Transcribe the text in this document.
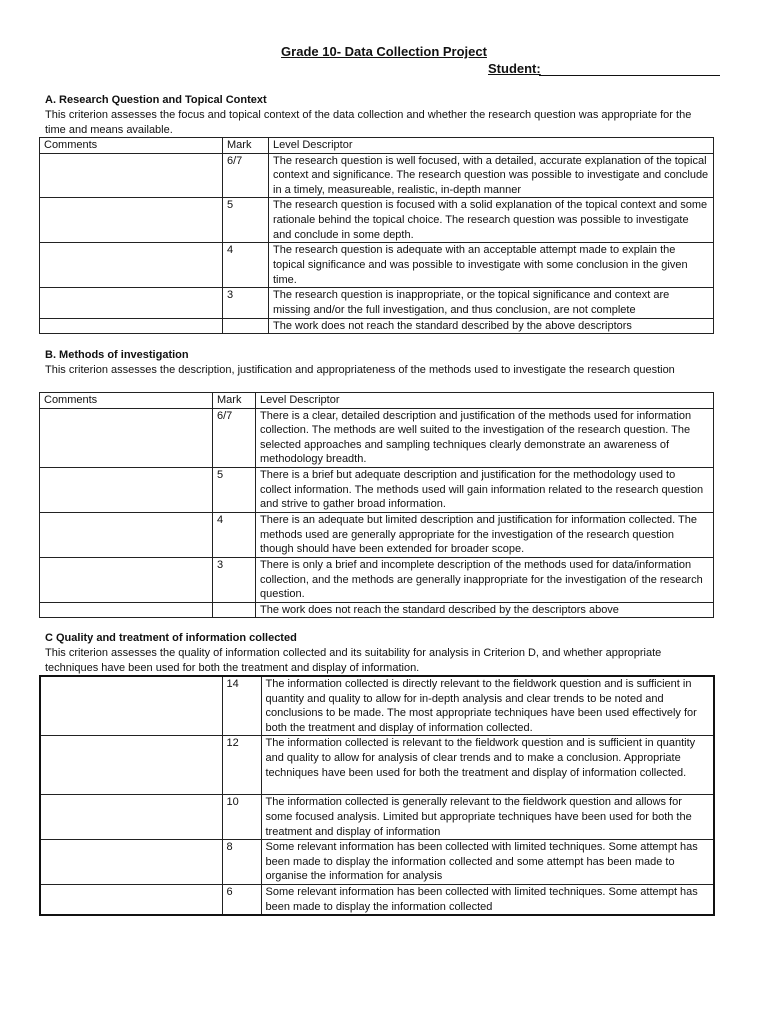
Grade 10- Data Collection Project
Student:
A. Research Question and Topical Context
This criterion assesses the focus and topical context of the data collection and whether the research question was appropriate for the time and means available.
Comments	Mark	Level Descriptor
	6/7	The research question is well focused, with a detailed, accurate explanation of the topical context and significance. The research question was possible to investigate and conclude in a timely, measureable, realistic, in-depth manner
	5	The research question is focused with a solid explanation of the topical context and some rationale behind the topical choice. The research question was possible to investigate and conclude in some depth.
	4	The research question is adequate with an acceptable attempt made to explain the topical significance and was possible to investigate with some conclusion in the given time.
	3	The research question is inappropriate, or the topical significance and context are missing and/or the full investigation, and thus conclusion, are not complete
		The work does not reach the standard described by the above descriptors
B. Methods of investigation
This criterion assesses the description, justification and appropriateness of the methods used to investigate the research question
Comments	Mark	Level Descriptor
	6/7	There is a clear, detailed description and justification of the methods used for information collection. The methods are well suited to the investigation of the research question. The selected approaches and sampling techniques clearly demonstrate an awareness of methodology breadth.
	5	There is a brief but adequate description and justification for the methodology used to collect information. The methods used will gain information related to the research question and strive to gather broad information.
	4	There is an adequate but limited description and justification for information collected. The methods used are generally appropriate for the investigation of the research question though should have been extended for broader scope.
	3	There is only a brief and incomplete description of the methods used for data/information collection, and the methods are generally inappropriate for the investigation of the research question.
		The work does not reach the standard described by the descriptors above
C Quality and treatment of information collected
This criterion assesses the quality of information collected and its suitability for analysis in Criterion D, and whether appropriate techniques have been used for both the treatment and display of information.
	14	The information collected is directly relevant to the fieldwork question and is sufficient in quantity and quality to allow for in-depth analysis and clear trends to be noted and conclusions to be made. The most appropriate techniques have been used effectively for both the treatment and display of information collected.
	12	The information collected is relevant to the fieldwork question and is sufficient in quantity and quality to allow for analysis of clear trends and to make a conclusion. Appropriate techniques have been used for both the treatment and display of information collected.
	10	The information collected is generally relevant to the fieldwork question and allows for some focused analysis. Limited but appropriate techniques have been used for both the treatment and display of information
	8	Some relevant information has been collected with limited techniques. Some attempt has been made to display the information collected and some attempt has been made to organise the information for analysis
	6	Some relevant information has been collected with limited techniques. Some attempt has been made to display the information collected
